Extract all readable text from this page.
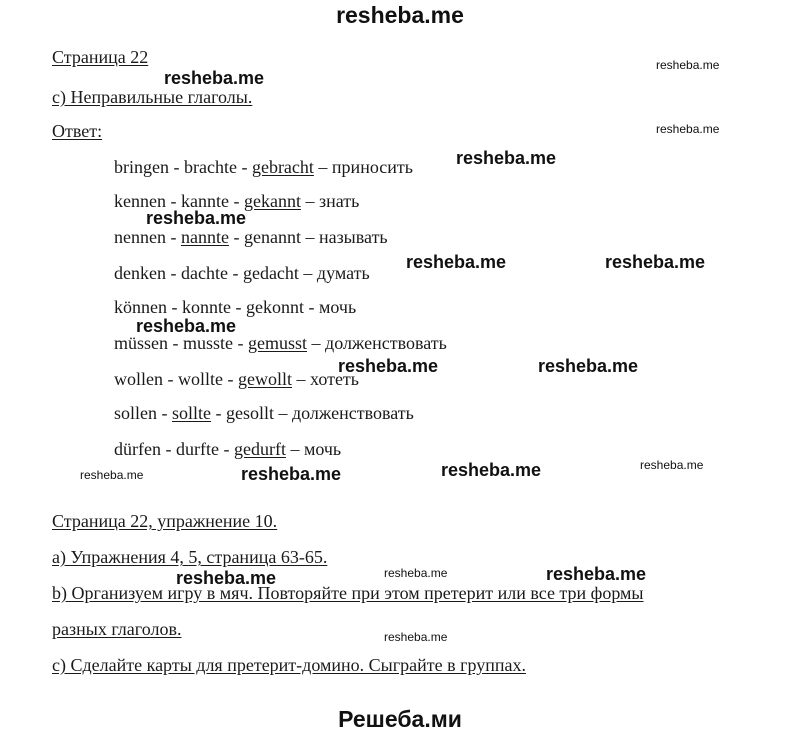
resheba.me
Страница 22
с) Неправильные глаголы.
Ответ:
bringen - brachte - gebracht – приносить
kennen - kannte - gekannt – знать
nennen - nannte - genannt – называть
denken - dachte - gedacht – думать
können - konnte - gekonnt - мочь
müssen - musste - gemusst – долженствовать
wollen - wollte - gewollt – хотеть
sollen - sollte - gesollt – долженствовать
dürfen - durfte - gedurft – мочь
Страница 22, упражнение 10.
а) Упражнения 4, 5, страница 63-65.
b) Организуем игру в мяч. Повторяйте при этом претерит или все три формы
разных глаголов.
с) Сделайте карты для претерит-домино. Сыграйте в группах.
resheba.me
resheba.me
resheba.me
resheba.me
resheba.me
resheba.me	resheba.me
resheba.me
resheba.me	resheba.me
resheba.me	resheba.me	resheba.me	resheba.me
resheba.me	resheba.me	resheba.me
resheba.me
Решеба.ми
